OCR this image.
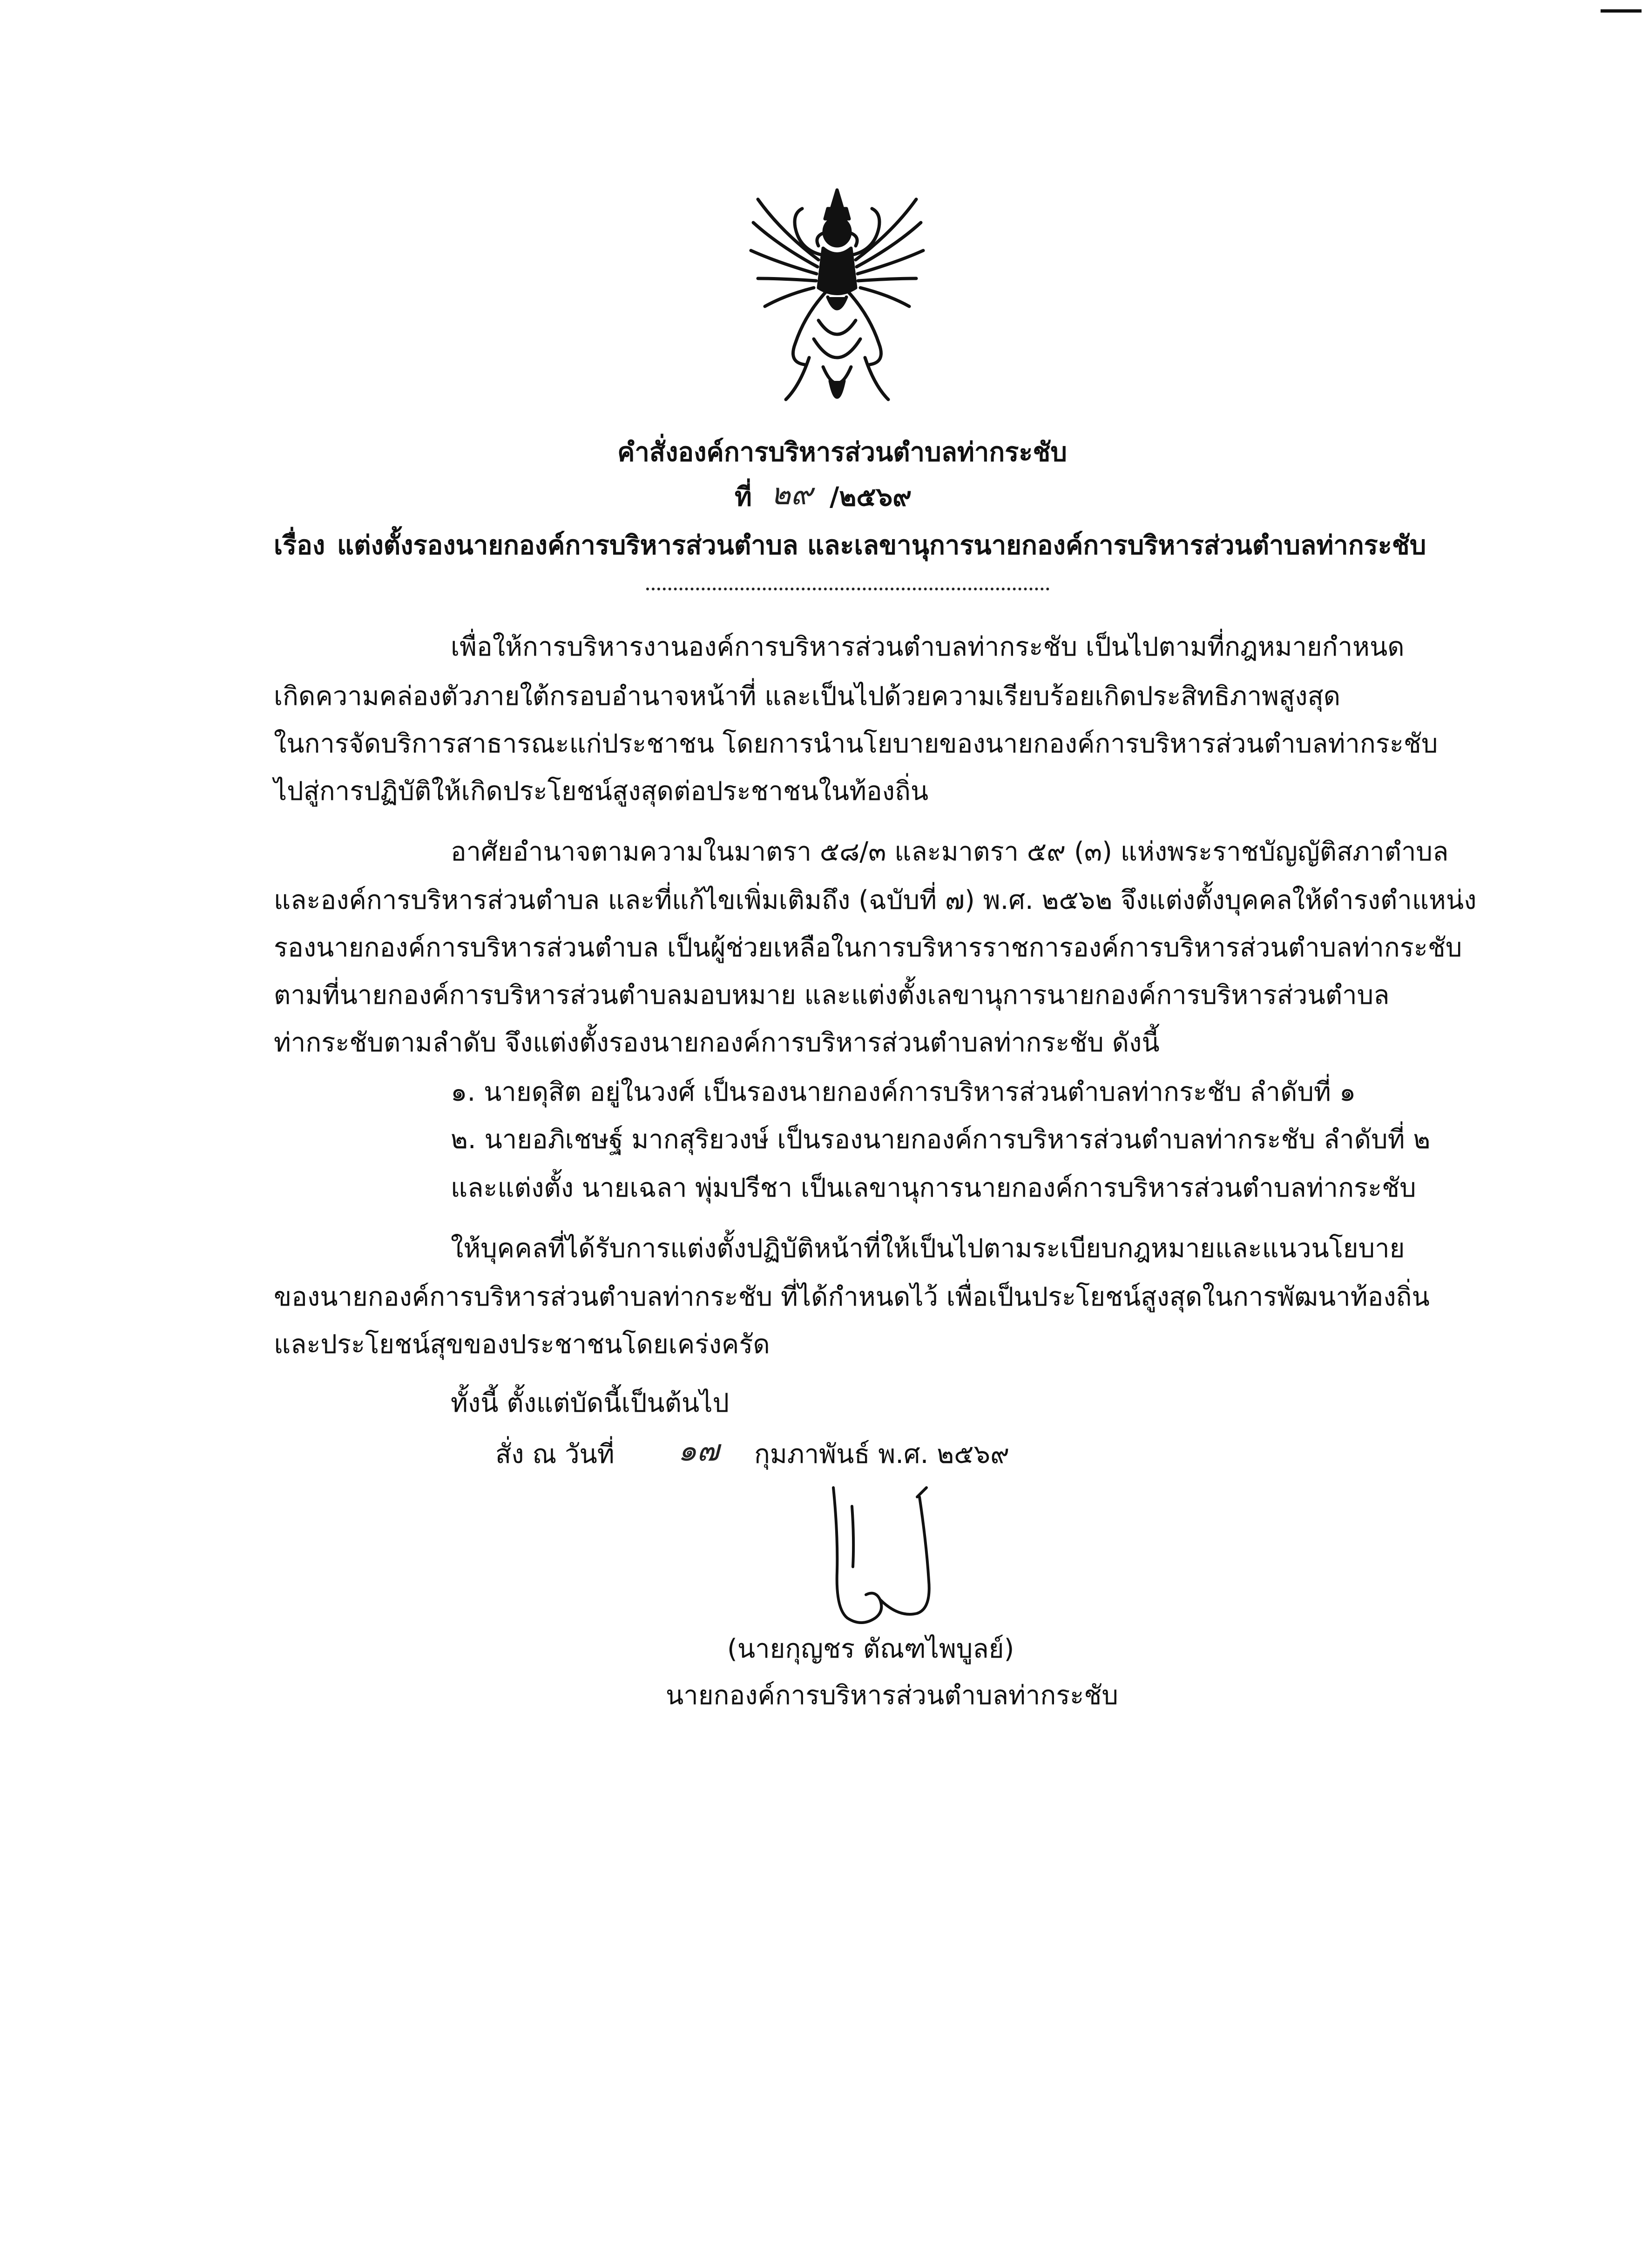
คำสั่งองค์การบริหารส่วนตำบลท่ากระชับ
ที่ ๒๙ /๒๕๖๙
เรื่อง แต่งตั้งรองนายกองค์การบริหารส่วนตำบล และเลขานุการนายกองค์การบริหารส่วนตำบลท่ากระชับ
เพื่อให้การบริหารงานองค์การบริหารส่วนตำบลท่ากระชับ เป็นไปตามที่กฎหมายกำหนด
เกิดความคล่องตัวภายใต้กรอบอำนาจหน้าที่ และเป็นไปด้วยความเรียบร้อยเกิดประสิทธิภาพสูงสุด
ในการจัดบริการสาธารณะแก่ประชาชน โดยการนำนโยบายของนายกองค์การบริหารส่วนตำบลท่ากระชับ
ไปสู่การปฏิบัติให้เกิดประโยชน์สูงสุดต่อประชาชนในท้องถิ่น
อาศัยอำนาจตามความในมาตรา ๕๘/๓ และมาตรา ๕๙ (๓) แห่งพระราชบัญญัติสภาตำบล
และองค์การบริหารส่วนตำบล และที่แก้ไขเพิ่มเติมถึง (ฉบับที่ ๗) พ.ศ. ๒๕๖๒ จึงแต่งตั้งบุคคลให้ดำรงตำแหน่ง
รองนายกองค์การบริหารส่วนตำบล เป็นผู้ช่วยเหลือในการบริหารราชการองค์การบริหารส่วนตำบลท่ากระชับ
ตามที่นายกองค์การบริหารส่วนตำบลมอบหมาย และแต่งตั้งเลขานุการนายกองค์การบริหารส่วนตำบล
ท่ากระชับตามลำดับ จึงแต่งตั้งรองนายกองค์การบริหารส่วนตำบลท่ากระชับ ดังนี้
๑. นายดุสิต อยู่ในวงศ์ เป็นรองนายกองค์การบริหารส่วนตำบลท่ากระชับ ลำดับที่ ๑
๒. นายอภิเชษฐ์ มากสุริยวงษ์ เป็นรองนายกองค์การบริหารส่วนตำบลท่ากระชับ ลำดับที่ ๒
และแต่งตั้ง นายเฉลา พุ่มปรีชา เป็นเลขานุการนายกองค์การบริหารส่วนตำบลท่ากระชับ
ให้บุคคลที่ได้รับการแต่งตั้งปฏิบัติหน้าที่ให้เป็นไปตามระเบียบกฎหมายและแนวนโยบาย
ของนายกองค์การบริหารส่วนตำบลท่ากระชับ ที่ได้กำหนดไว้ เพื่อเป็นประโยชน์สูงสุดในการพัฒนาท้องถิ่น
และประโยชน์สุขของประชาชนโดยเคร่งครัด
ทั้งนี้ ตั้งแต่บัดนี้เป็นต้นไป
สั่ง ณ วันที่ ๑๗ กุมภาพันธ์ พ.ศ. ๒๕๖๙
(นายกุญชร ตัณฑไพบูลย์)
นายกองค์การบริหารส่วนตำบลท่ากระชับ
